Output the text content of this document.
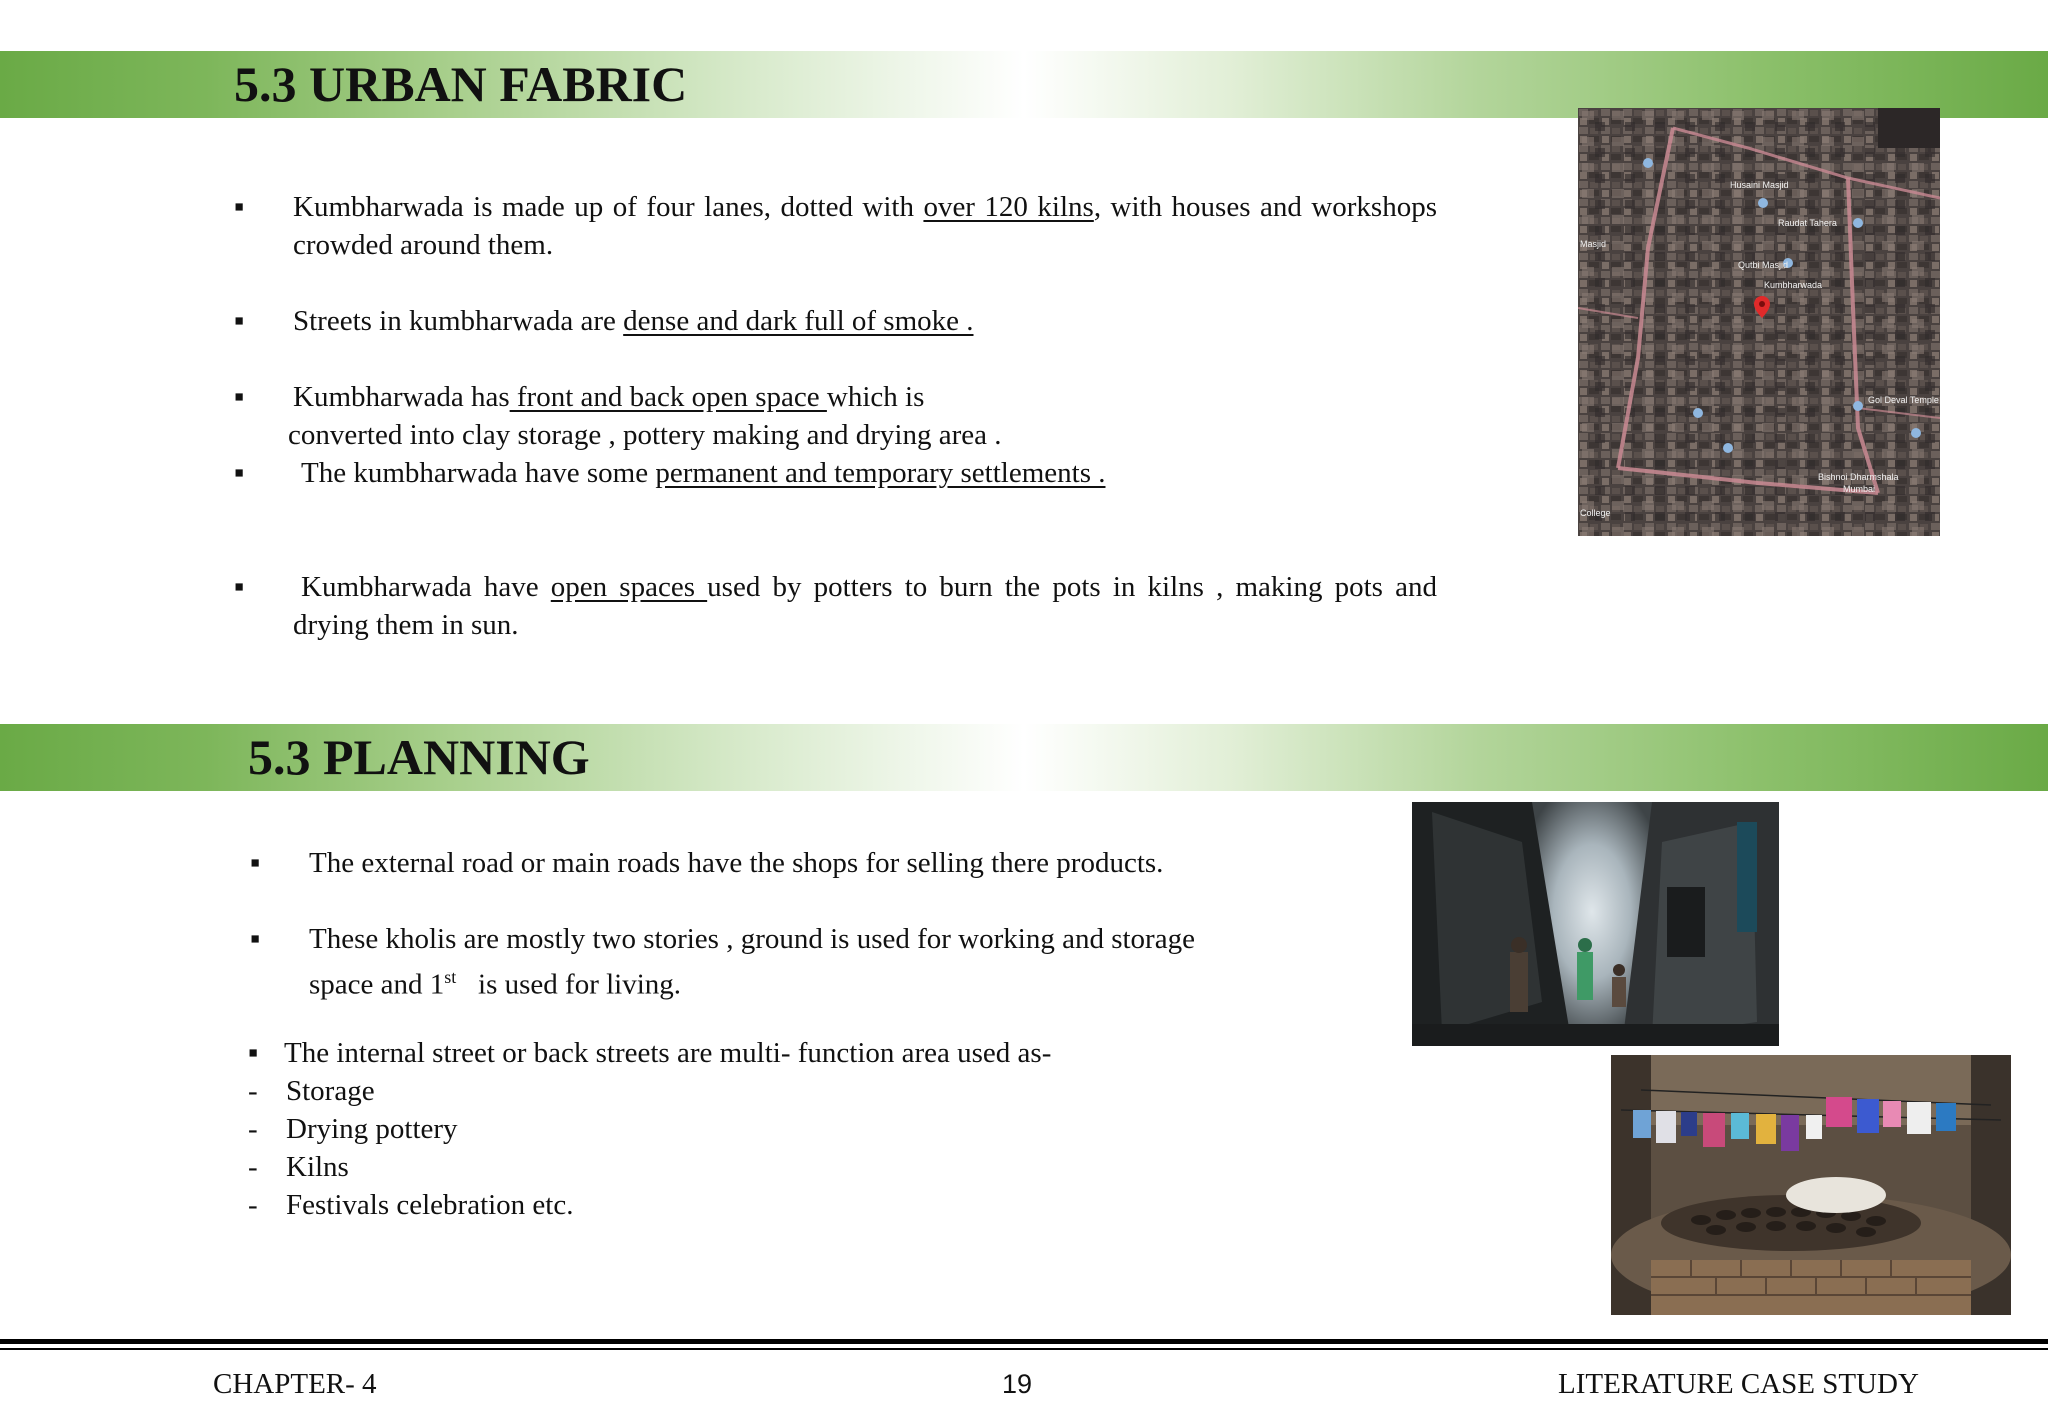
5.3 URBAN FABRIC
▪ Kumbharwada is made up of four lanes, dotted with over 120 kilns, with houses and workshops crowded around them.
▪ Streets in kumbharwada are dense and dark full of smoke .
▪ Kumbharwada has front and back open space which is
converted into clay storage , pottery making and drying area .
▪ The kumbharwada have some permanent and temporary settlements .
▪ Kumbharwada have open spaces used by potters to burn the pots in kilns , making pots and drying them in sun.
Husaini Masjid
Raudat Tahera
Masjid
Qutbi Masjid
Kumbharwada
Gol Deval Temple
Bishnoi Dharmshala
Mumbai
College
5.3 PLANNING
▪ The external road or main roads have the shops for selling there products.
▪ These kholis are mostly two stories , ground is used for working and storage
space and 1st   is used for living.
▪ The internal street or back streets are multi- function area used as-
- Storage
- Drying pottery
- Kilns
- Festivals celebration etc.
CHAPTER- 4	19	LITERATURE CASE STUDY
